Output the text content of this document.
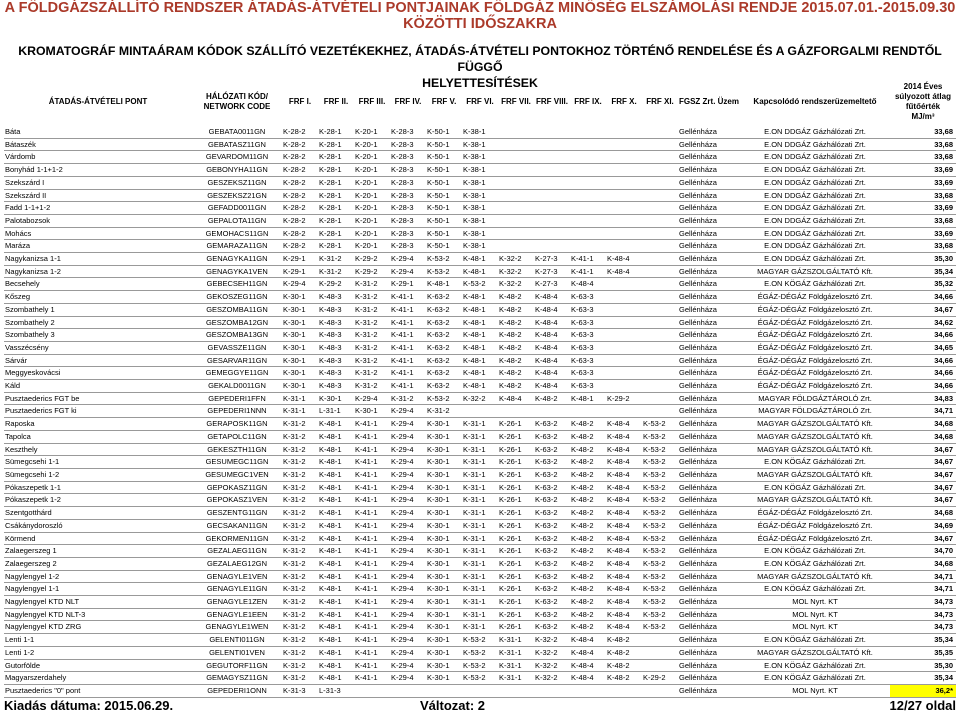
A FÖLDGÁZSZÁLLÍTÓ RENDSZER ÁTADÁS-ÁTVÉTELI PONTJAINAK FÖLDGÁZ MINŐSÉG ELSZÁMOLÁSI RENDJE 2015.07.01.-2015.09.30
KÖZÖTTI IDŐSZAKRA
KROMATOGRÁF MINTAÁRAM KÓDOK SZÁLLÍTÓ VEZETÉKEKHEZ, ÁTADÁS-ÁTVÉTELI PONTOKHOZ TÖRTÉNŐ RENDELÉSE ÉS A GÁZFORGALMI RENDTŐL FÜGGŐ
HELYETTESÍTÉSEK
ÁTADÁS-ÁTVÉTELI PONT	HÁLÓZATI KÓD/
NETWORK CODE	FRF I.	FRF II.	FRF III.	FRF IV.	FRF V.	FRF VI.	FRF VII.	FRF VIII.	FRF IX.	FRF X.	FRF XI.	FGSZ Zrt. Üzem	Kapcsolódó rendszerüzemeltető	2014 Éves
súlyozott átlag
fűtőérték
MJ/m³
Báta	GEBATA0011GN	K-28-2	K-28-1	K-20-1	K-28-3	K-50-1	K-38-1						Gellénháza	E.ON DDGÁZ Gázhálózati Zrt.	33,68
Bátaszék	GEBATASZ11GN	K-28-2	K-28-1	K-20-1	K-28-3	K-50-1	K-38-1						Gellénháza	E.ON DDGÁZ Gázhálózati Zrt.	33,68
Várdomb	GEVARDOM11GN	K-28-2	K-28-1	K-20-1	K-28-3	K-50-1	K-38-1						Gellénháza	E.ON DDGÁZ Gázhálózati Zrt.	33,68
Bonyhád 1-1+1-2	GEBONYHA11GN	K-28-2	K-28-1	K-20-1	K-28-3	K-50-1	K-38-1						Gellénháza	E.ON DDGÁZ Gázhálózati Zrt.	33,69
Szekszárd I	GESZEKSZ11GN	K-28-2	K-28-1	K-20-1	K-28-3	K-50-1	K-38-1						Gellénháza	E.ON DDGÁZ Gázhálózati Zrt.	33,69
Szekszárd II	GESZEKSZ21GN	K-28-2	K-28-1	K-20-1	K-28-3	K-50-1	K-38-1						Gellénháza	E.ON DDGÁZ Gázhálózati Zrt.	33,68
Fadd 1-1+1-2	GEFADD0011GN	K-28-2	K-28-1	K-20-1	K-28-3	K-50-1	K-38-1						Gellénháza	E.ON DDGÁZ Gázhálózati Zrt.	33,69
Palotabozsok	GEPALOTA11GN	K-28-2	K-28-1	K-20-1	K-28-3	K-50-1	K-38-1						Gellénháza	E.ON DDGÁZ Gázhálózati Zrt.	33,68
Mohács	GEMOHACS11GN	K-28-2	K-28-1	K-20-1	K-28-3	K-50-1	K-38-1						Gellénháza	E.ON DDGÁZ Gázhálózati Zrt.	33,69
Maráza	GEMARAZA11GN	K-28-2	K-28-1	K-20-1	K-28-3	K-50-1	K-38-1						Gellénháza	E.ON DDGÁZ Gázhálózati Zrt.	33,68
Nagykanizsa 1-1	GENAGYKA11GN	K-29-1	K-31-2	K-29-2	K-29-4	K-53-2	K-48-1	K-32-2	K-27-3	K-41-1	K-48-4		Gellénháza	E.ON DDGÁZ Gázhálózati Zrt.	35,30
Nagykanizsa 1-2	GENAGYKA1VEN	K-29-1	K-31-2	K-29-2	K-29-4	K-53-2	K-48-1	K-32-2	K-27-3	K-41-1	K-48-4		Gellénháza	MAGYAR GÁZSZOLGÁLTATÓ Kft.	35,34
Becsehely	GEBECSEH11GN	K-29-4	K-29-2	K-31-2	K-29-1	K-48-1	K-53-2	K-32-2	K-27-3	K-48-4			Gellénháza	E.ON KÖGÁZ Gázhálózati Zrt.	35,32
Kőszeg	GEKOSZEG11GN	K-30-1	K-48-3	K-31-2	K-41-1	K-63-2	K-48-1	K-48-2	K-48-4	K-63-3			Gellénháza	ÉGÁZ-DÉGÁZ Földgázelosztó Zrt.	34,66
Szombathely 1	GESZOMBA11GN	K-30-1	K-48-3	K-31-2	K-41-1	K-63-2	K-48-1	K-48-2	K-48-4	K-63-3			Gellénháza	ÉGÁZ-DÉGÁZ Földgázelosztó Zrt.	34,67
Szombathely 2	GESZOMBA12GN	K-30-1	K-48-3	K-31-2	K-41-1	K-63-2	K-48-1	K-48-2	K-48-4	K-63-3			Gellénháza	ÉGÁZ-DÉGÁZ Földgázelosztó Zrt.	34,62
Szombathely 3	GESZOMBA13GN	K-30-1	K-48-3	K-31-2	K-41-1	K-63-2	K-48-1	K-48-2	K-48-4	K-63-3			Gellénháza	ÉGÁZ-DÉGÁZ Földgázelosztó Zrt.	34,66
Vasszécsény	GEVASSZE11GN	K-30-1	K-48-3	K-31-2	K-41-1	K-63-2	K-48-1	K-48-2	K-48-4	K-63-3			Gellénháza	ÉGÁZ-DÉGÁZ Földgázelosztó Zrt.	34,65
Sárvár	GESARVAR11GN	K-30-1	K-48-3	K-31-2	K-41-1	K-63-2	K-48-1	K-48-2	K-48-4	K-63-3			Gellénháza	ÉGÁZ-DÉGÁZ Földgázelosztó Zrt.	34,66
Meggyeskovácsi	GEMEGGYE11GN	K-30-1	K-48-3	K-31-2	K-41-1	K-63-2	K-48-1	K-48-2	K-48-4	K-63-3			Gellénháza	ÉGÁZ-DÉGÁZ Földgázelosztó Zrt.	34,66
Káld	GEKALD0011GN	K-30-1	K-48-3	K-31-2	K-41-1	K-63-2	K-48-1	K-48-2	K-48-4	K-63-3			Gellénháza	ÉGÁZ-DÉGÁZ Földgázelosztó Zrt.	34,66
Pusztaederics FGT be	GEPEDERI1FFN	K-31-1	K-30-1	K-29-4	K-31-2	K-53-2	K-32-2	K-48-4	K-48-2	K-48-1	K-29-2		Gellénháza	MAGYAR FÖLDGÁZTÁROLÓ Zrt.	34,83
Pusztaederics FGT ki	GEPEDERI1NNN	K-31-1	L-31-1	K-30-1	K-29-4	K-31-2							Gellénháza	MAGYAR FÖLDGÁZTÁROLÓ Zrt.	34,71
Raposka	GERAPOSK11GN	K-31-2	K-48-1	K-41-1	K-29-4	K-30-1	K-31-1	K-26-1	K-63-2	K-48-2	K-48-4	K-53-2	Gellénháza	MAGYAR GÁZSZOLGÁLTATÓ Kft.	34,68
Tapolca	GETAPOLC11GN	K-31-2	K-48-1	K-41-1	K-29-4	K-30-1	K-31-1	K-26-1	K-63-2	K-48-2	K-48-4	K-53-2	Gellénháza	MAGYAR GÁZSZOLGÁLTATÓ Kft.	34,68
Keszthely	GEKESZTH11GN	K-31-2	K-48-1	K-41-1	K-29-4	K-30-1	K-31-1	K-26-1	K-63-2	K-48-2	K-48-4	K-53-2	Gellénháza	MAGYAR GÁZSZOLGÁLTATÓ Kft.	34,67
Sümegcsehi 1-1	GESUMEGC11GN	K-31-2	K-48-1	K-41-1	K-29-4	K-30-1	K-31-1	K-26-1	K-63-2	K-48-2	K-48-4	K-53-2	Gellénháza	E.ON KÖGÁZ Gázhálózati Zrt.	34,67
Sümegcsehi 1-2	GESUMEGC1VEN	K-31-2	K-48-1	K-41-1	K-29-4	K-30-1	K-31-1	K-26-1	K-63-2	K-48-2	K-48-4	K-53-2	Gellénháza	MAGYAR GÁZSZOLGÁLTATÓ Kft.	34,67
Pókaszepetk 1-1	GEPOKASZ11GN	K-31-2	K-48-1	K-41-1	K-29-4	K-30-1	K-31-1	K-26-1	K-63-2	K-48-2	K-48-4	K-53-2	Gellénháza	E.ON KÖGÁZ Gázhálózati Zrt.	34,67
Pókaszepetk 1-2	GEPOKASZ1VEN	K-31-2	K-48-1	K-41-1	K-29-4	K-30-1	K-31-1	K-26-1	K-63-2	K-48-2	K-48-4	K-53-2	Gellénháza	MAGYAR GÁZSZOLGÁLTATÓ Kft.	34,67
Szentgotthárd	GESZENTG11GN	K-31-2	K-48-1	K-41-1	K-29-4	K-30-1	K-31-1	K-26-1	K-63-2	K-48-2	K-48-4	K-53-2	Gellénháza	ÉGÁZ-DÉGÁZ Földgázelosztó Zrt.	34,68
Csákánydoroszló	GECSAKAN11GN	K-31-2	K-48-1	K-41-1	K-29-4	K-30-1	K-31-1	K-26-1	K-63-2	K-48-2	K-48-4	K-53-2	Gellénháza	ÉGÁZ-DÉGÁZ Földgázelosztó Zrt.	34,69
Körmend	GEKORMEN11GN	K-31-2	K-48-1	K-41-1	K-29-4	K-30-1	K-31-1	K-26-1	K-63-2	K-48-2	K-48-4	K-53-2	Gellénháza	ÉGÁZ-DÉGÁZ Földgázelosztó Zrt.	34,67
Zalaegerszeg 1	GEZALAEG11GN	K-31-2	K-48-1	K-41-1	K-29-4	K-30-1	K-31-1	K-26-1	K-63-2	K-48-2	K-48-4	K-53-2	Gellénháza	E.ON KÖGÁZ Gázhálózati Zrt.	34,70
Zalaegerszeg 2	GEZALAEG12GN	K-31-2	K-48-1	K-41-1	K-29-4	K-30-1	K-31-1	K-26-1	K-63-2	K-48-2	K-48-4	K-53-2	Gellénháza	E.ON KÖGÁZ Gázhálózati Zrt.	34,68
Nagylengyel 1-2	GENAGYLE1VEN	K-31-2	K-48-1	K-41-1	K-29-4	K-30-1	K-31-1	K-26-1	K-63-2	K-48-2	K-48-4	K-53-2	Gellénháza	MAGYAR GÁZSZOLGÁLTATÓ Kft.	34,71
Nagylengyel 1-1	GENAGYLE11GN	K-31-2	K-48-1	K-41-1	K-29-4	K-30-1	K-31-1	K-26-1	K-63-2	K-48-2	K-48-4	K-53-2	Gellénháza	E.ON KÖGÁZ Gázhálózati Zrt.	34,71
Nagylengyel KTD NLT	GENAGYLE1ZEN	K-31-2	K-48-1	K-41-1	K-29-4	K-30-1	K-31-1	K-26-1	K-63-2	K-48-2	K-48-4	K-53-2	Gellénháza	MOL Nyrt. KT	34,73
Nagylengyel KTD NLT-3	GENAGYLE1EEN	K-31-2	K-48-1	K-41-1	K-29-4	K-30-1	K-31-1	K-26-1	K-63-2	K-48-2	K-48-4	K-53-2	Gellénháza	MOL Nyrt. KT	34,73
Nagylengyel KTD ZRG	GENAGYLE1WEN	K-31-2	K-48-1	K-41-1	K-29-4	K-30-1	K-31-1	K-26-1	K-63-2	K-48-2	K-48-4	K-53-2	Gellénháza	MOL Nyrt. KT	34,73
Lenti 1-1	GELENTI011GN	K-31-2	K-48-1	K-41-1	K-29-4	K-30-1	K-53-2	K-31-1	K-32-2	K-48-4	K-48-2		Gellénháza	E.ON KÖGÁZ Gázhálózati Zrt.	35,34
Lenti 1-2	GELENTI01VEN	K-31-2	K-48-1	K-41-1	K-29-4	K-30-1	K-53-2	K-31-1	K-32-2	K-48-4	K-48-2		Gellénháza	MAGYAR GÁZSZOLGÁLTATÓ Kft.	35,35
Gutorfölde	GEGUTORF11GN	K-31-2	K-48-1	K-41-1	K-29-4	K-30-1	K-53-2	K-31-1	K-32-2	K-48-4	K-48-2		Gellénháza	E.ON KÖGÁZ Gázhálózati Zrt.	35,30
Magyarszerdahely	GEMAGYSZ11GN	K-31-2	K-48-1	K-41-1	K-29-4	K-30-1	K-53-2	K-31-1	K-32-2	K-48-4	K-48-2	K-29-2	Gellénháza	E.ON KÖGÁZ Gázhálózati Zrt.	35,34
Pusztaederics "0" pont	GEPEDERI1ONN	K-31-3	L-31-3										Gellénháza	MOL Nyrt. KT	36,2*
Kiadás dátuma: 2015.06.29.	Változat: 2	12/27 oldal
